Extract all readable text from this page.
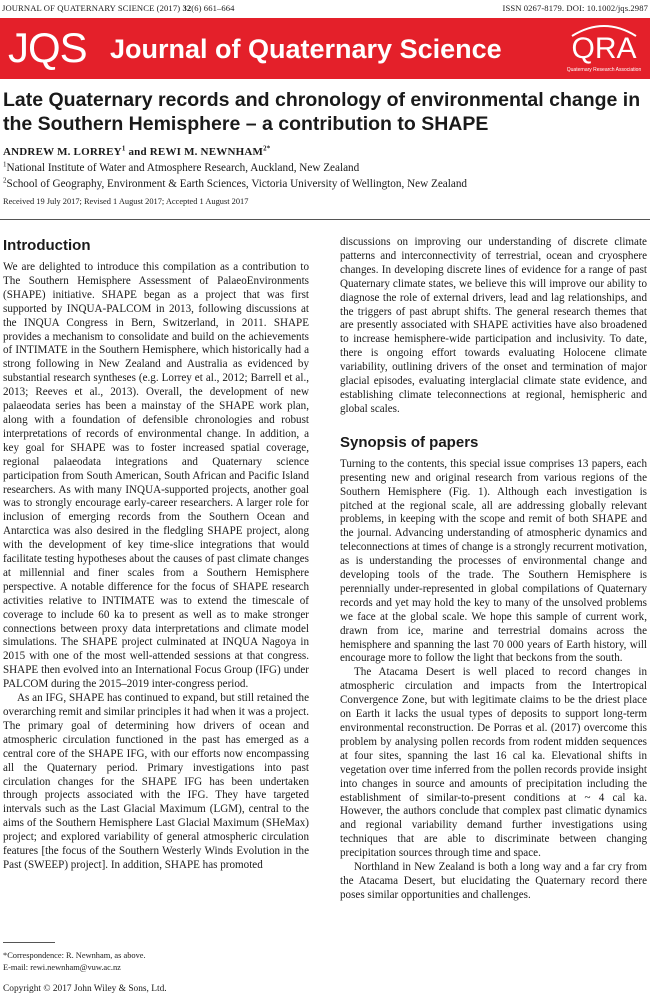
JOURNAL OF QUATERNARY SCIENCE (2017) 32(6) 661–664	ISSN 0267-8179. DOI: 10.1002/jqs.2987
JQS Journal of Quaternary Science QRA
Quaternary Research Association
Late Quaternary records and chronology of environmental change in the Southern Hemisphere – a contribution to SHAPE
ANDREW M. LORREY$^1$ and REWI M. $NEWNHAM^{2*}$
$^1$National Institute of Water and Atmosphere Research, Auckland, New Zealand
$^2$School of Geography, Environment & Earth Sciences, Victoria University of Wellington, New Zealand
Received 19 July 2017; Revised 1 August 2017; Accepted 1 August 2017
Introduction

We are delighted to introduce this compilation as a contribution to The Southern Hemisphere Assessment of PalaeoEnvironments (SHAPE) initiative. SHAPE began as a project that was first supported by INQUA-PALCOM in 2013, following discussions at the INQUA Congress in Bern, Switzerland, in 2011. SHAPE provides a mechanism to consolidate and build on the achievements of INTIMATE in the Southern Hemisphere, which historically had a strong following in New Zealand and Australia as evidenced by substantial research syntheses (e.g. Lorrey et al., 2012; Barrell et al., 2013; Reeves et al., 2013). Overall, the development of new palaeodata series has been a mainstay of the SHAPE work plan, along with a foundation of defensible chronologies and robust interpretations of records of environmental change. In addition, a key goal for SHAPE was to foster increased spatial coverage, regional palaeodata integrations and Quaternary science participation from South American, South African and Pacific Island researchers. As with many INQUA-supported projects, another goal was to strongly encourage early-career researchers. A larger role for inclusion of emerging records from the Southern Ocean and Antarctica was also desired in the fledgling SHAPE project, along with the development of key time-slice integrations that would facilitate testing hypotheses about the causes of past climate changes at millennial and finer scales from a Southern Hemisphere perspective. A notable difference for the focus of SHAPE research activities relative to INTIMATE was to extend the timescale of coverage to include 60 ka to present as well as to make stronger connections between proxy data interpretations and climate model simulations. The SHAPE project culminated at INQUA Nagoya in 2015 with one of the most well-attended sessions at that congress. SHAPE then evolved into an International Focus Group (IFG) under PALCOM during the 2015–2019 inter-congress period.

As an IFG, SHAPE has continued to expand, but still retained the overarching remit and similar principles it had when it was a project. The primary goal of determining how drivers of ocean and atmospheric circulation functioned in the past has emerged as a central core of the SHAPE IFG, with our efforts now encompassing all the Quaternary period. Primary investigations into past circulation changes for the SHAPE IFG has been undertaken through projects associated with the IFG. They have targeted intervals such as the Last Glacial Maximum (LGM), central to the aims of the Southern Hemisphere Last Glacial Maximum (SHeMax) project; and explored variability of general atmospheric circulation features [the focus of the Southern Westerly Winds Evolution in the Past (SWEEP) project]. In addition, SHAPE has promoted

discussions on improving our understanding of discrete climate patterns and interconnectivity of terrestrial, ocean and cryosphere changes. In developing discrete lines of evidence for a range of past Quaternary climate states, we believe this will improve our ability to diagnose the role of external drivers, lead and lag relationships, and the triggers of past abrupt shifts. The general research themes that are presently associated with SHAPE activities have also broadened to increase hemisphere-wide participation and inclusivity. To date, there is ongoing effort towards evaluating Holocene climate variability, outlining drivers of the onset and termination of major glacial episodes, evaluating interglacial climate state evidence, and establishing climate teleconnections at regional, hemispheric and global scales.

Synopsis of papers

Turning to the contents, this special issue comprises 13 papers, each presenting new and original research from various regions of the Southern Hemisphere (Fig. 1). Although each investigation is pitched at the regional scale, all are addressing globally relevant problems, in keeping with the scope and remit of both SHAPE and the journal. Advancing understanding of atmospheric dynamics and teleconnections at times of change is a strongly recurrent motivation, as is understanding the processes of environmental change and developing tools of the trade. The Southern Hemisphere is perennially under-represented in global compilations of Quaternary records and yet may hold the key to many of the unsolved problems we face at the global scale. We hope this sample of current work, drawn from ice, marine and terrestrial domains across the hemisphere and spanning the last 70 000 years of Earth history, will encourage more to follow the light that beckons from the south.

The Atacama Desert is well placed to record changes in atmospheric circulation and impacts from the Intertropical Convergence Zone, but with legitimate claims to be the driest place on Earth it lacks the usual types of deposits to support long-term environmental reconstruction. De Porras et al. (2017) overcome this problem by analysing pollen records from rodent midden sequences at four sites, spanning the last 16 cal ka. Elevational shifts in vegetation over time inferred from the pollen records provide insight into changes in source and amounts of precipitation including the establishment of similar-to-present conditions at ~ 4 cal ka. However, the authors conclude that complex past climatic dynamics and regional variability demand further investigations using techniques that are able to discriminate between changing precipitation sources through time and space.

Northland in New Zealand is both a long way and a far cry from the Atacama Desert, but elucidating the Quaternary record there poses similar opportunities and challenges.

*Correspondence: R. Newnham, as above.
E-mail: rewi.newnham@vuw.ac.nz
Copyright © 2017 John Wiley & Sons, Ltd.
